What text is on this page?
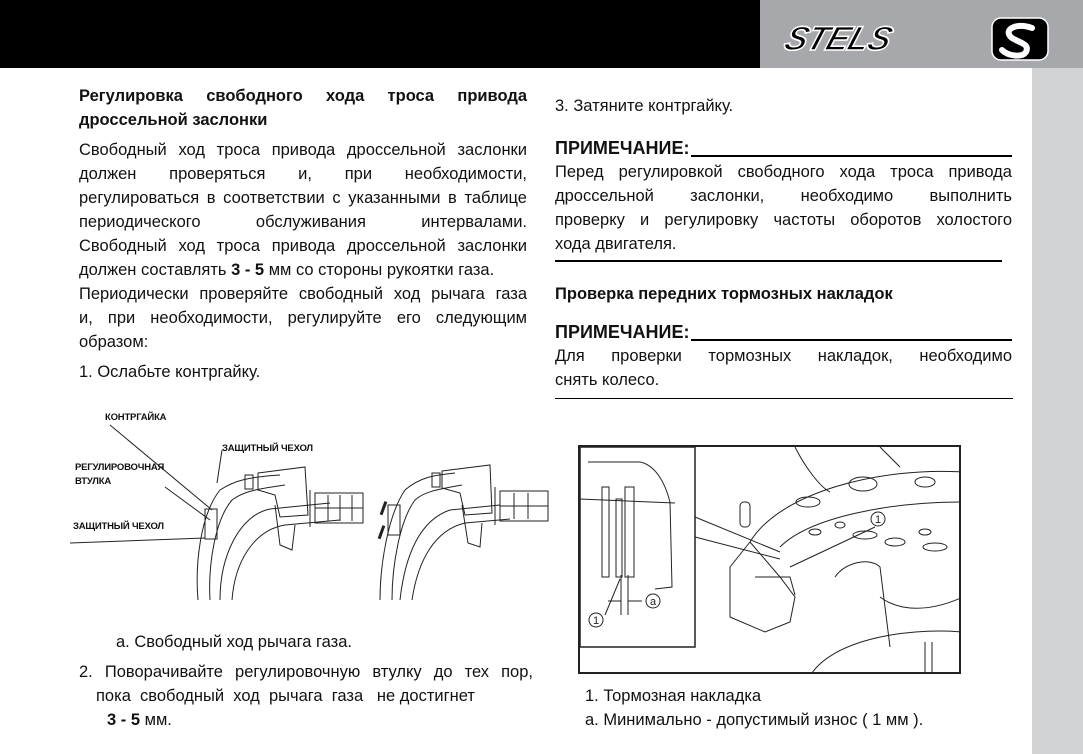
STELS
Регулировка свободного хода троса привода
дроссельной заслонки
Свободный ход троса привода дроссельной заслонки
должен проверяться и, при необходимости,
регулироваться в соответствии с указанными в таблице
периодического обслуживания интервалами.
Свободный ход троса привода дроссельной заслонки
должен составлять 3 - 5 мм со стороны рукоятки газа.
Периодически проверяйте свободный ход рычага газа
и, при необходимости, регулируйте его следующим
образом:
1. Ослабьте контргайку.
КОНТРГАЙКА
ЗАЩИТНЫЙ ЧЕХОЛ
РЕГУЛИРОВОЧНАЯ
ВТУЛКА
ЗАЩИТНЫЙ ЧЕХОЛ
а. Свободный ход рычага газа.
2. Поворачивайте регулировочную втулку до тех пор,
пока  свободный  ход  рычага  газа   не достигнет
3 - 5 мм.
3. Затяните контргайку.
ПРИМЕЧАНИЕ:
Перед регулировкой свободного хода троса привода
дроссельной заслонки, необходимо выполнить
проверку и регулировку частоты оборотов холостого
хода двигателя.
Проверка передних тормозных накладок
ПРИМЕЧАНИЕ:
Для проверки тормозных накладок, необходимо
снять колесо.
1
a
1
1. Тормозная накладка
а. Минимально - допустимый износ ( 1 мм ).
